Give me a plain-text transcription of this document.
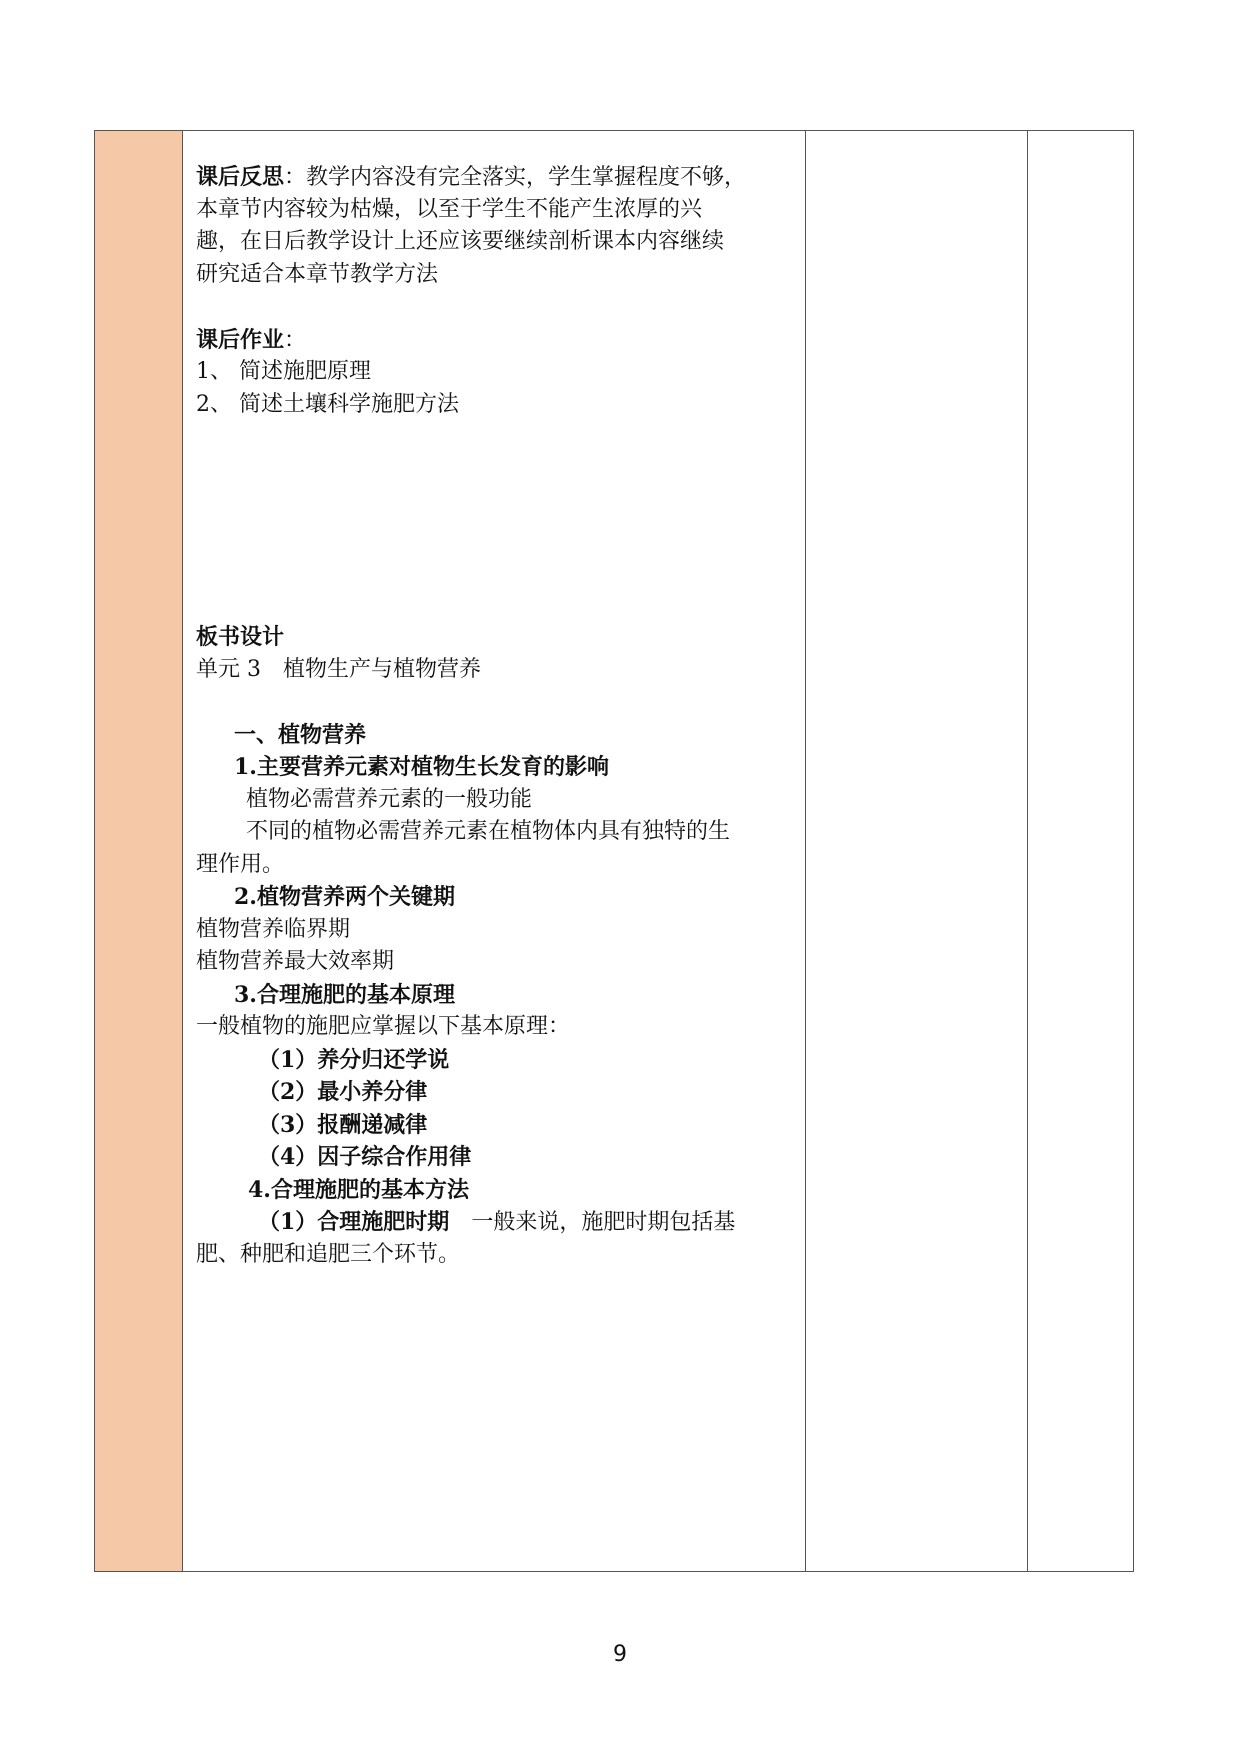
课后反思：教学内容没有完全落实，学生掌握程度不够，
本章节内容较为枯燥，以至于学生不能产生浓厚的兴
趣，在日后教学设计上还应该要继续剖析课本内容继续
研究适合本章节教学方法
课后作业：
1、 简述施肥原理
2、 简述土壤科学施肥方法
板书设计
单元 3　植物生产与植物营养
一、植物营养
1.主要营养元素对植物生长发育的影响
植物必需营养元素的一般功能
不同的植物必需营养元素在植物体内具有独特的生
理作用。
2.植物营养两个关键期
植物营养临界期
植物营养最大效率期
3.合理施肥的基本原理
一般植物的施肥应掌握以下基本原理：
（1）养分归还学说
（2）最小养分律
（3）报酬递减律
（4）因子综合作用律
4.合理施肥的基本方法
（1）合理施肥时期　一般来说，施肥时期包括基
肥、种肥和追肥三个环节。
9
